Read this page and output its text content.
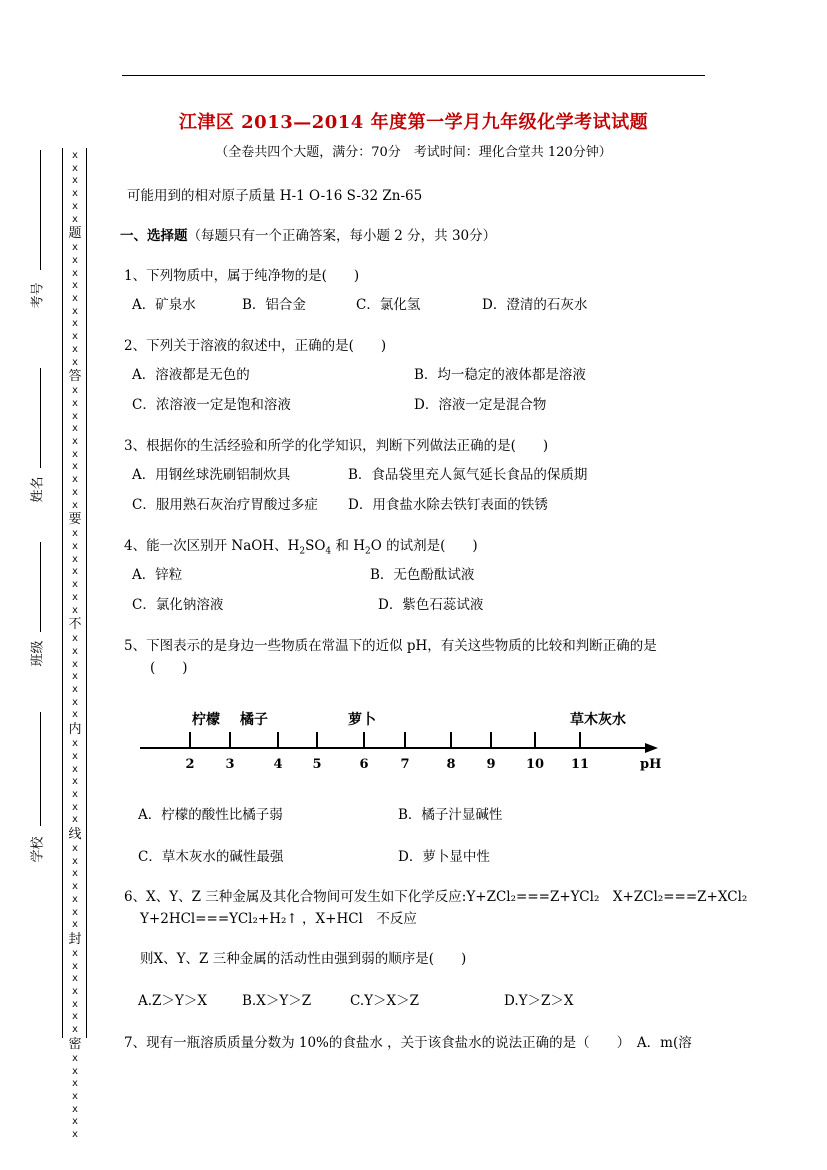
江津区 2013—2014 年度第一学月九年级化学考试试题
（全卷共四个大题，满分：70分　考试时间：理化合堂共 120分钟）
考号
姓名
班级
学校
x
x
x
x
x
x
题
x
x
x
x
x
x
x
x
x
x
答
x
x
x
x
x
x
x
x
x
x
要
x
x
x
x
x
x
x
不
x
x
x
x
x
x
x
内
x
x
x
x
x
x
x
线
x
x
x
x
x
x
x
封
x
x
x
x
x
x
x
密
x
x
x
x
x
x
x
可能用到的相对原子质量 H-1 O-16 S-32 Zn-65
一、选择题（每题只有一个正确答案，每小题 2 分，共 30分）
1、下列物质中，属于纯净物的是(　　)
A．矿泉水	B．铝合金	C．氯化氢	D．澄清的石灰水
2、下列关于溶液的叙述中，正确的是(　　)
A．溶液都是无色的	B．均一稳定的液体都是溶液
C．浓溶液一定是饱和溶液	D．溶液一定是混合物
3、根据你的生活经验和所学的化学知识，判断下列做法正确的是(　　)
A．用钢丝球洗刷铝制炊具	B．食品袋里充人氮气延长食品的保质期
C．服用熟石灰治疗胃酸过多症 D．用食盐水除去铁钉表面的铁锈
4、能一次区别开 NaOH、$H_2SO_4$ 和 $H_2O$ 的试剂是(　　)
A．锌粒	B．无色酚酞试液
C．氯化钠溶液	D．紫色石蕊试液
5、下图表示的是身边一些物质在常温下的近似 pH，有关这些物质的比较和判断正确的是
(　　)
2 3	4 5	6 7	8 9 10 11
柠檬 橘子	萝卜	草木灰水
pH
A．柠檬的酸性比橘子弱	B．橘子汁显碱性
C．草木灰水的碱性最强	D．萝卜显中性
6、X、Y、Z 三种金属及其化合物间可发生如下化学反应:Y+ZCl₂===Z+YCl₂　 X+ZCl₂===Z+XCl₂
Y+2HCl===YCl₂+H₂↑ ，X+HCl　不反应
则X、Y、Z 三种金属的活动性由强到弱的顺序是(　　)
A.Z＞Y＞X	B.X＞Y＞Z	C.Y＞X＞Z	D.Y＞Z＞X
7、现有一瓶溶质质量分数为 10%的食盐水 ，关于该食盐水的说法正确的是（　　）　A．m(溶
